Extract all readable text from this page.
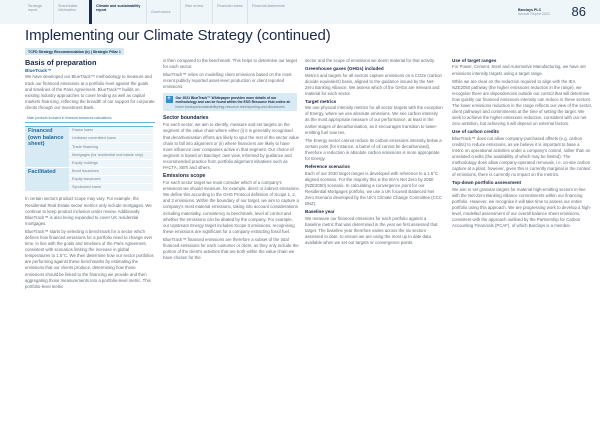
Strategic report
Shareholder information
Climate and sustainability report	Governance
Risk review	Financial review	Financial statements
Barclays PLC
Annual Report 2021 86
Implementing our Climate Strategy (continued)
TCFD Strategy Recommendation (b) | Strategic Pillar 1
Basis of preparation
BlueTrack™

We have developed our BlueTrack™ methodology to measure and track our financed emissions at a portfolio level against the goals and timelines of the Paris Agreement. BlueTrack™ builds on existing industry approaches to cover lending as well as capital markets financing, reflecting the breadth of our support for corporate clients through our Investment Bank.

Main products included in financed emissions calculations
Financed (own balance sheet)	Drawn loans
	Undrawn committed loans
	Trade financing
	Mortgages (for residential real estate only)
	Equity holdings
Facilitated	Bond issuances
	Equity issuances
	Syndicated loans

In certain sectors product scope may vary. For example, the Residential Real Estate sector metrics only include mortgages. We continue to keep product inclusion under review. Additionally BlueTrack™ is also being expanded to cover UK residential mortgages.

BlueTrack™ starts by selecting a benchmark for a sector which defines how financed emissions for a portfolio need to change over time, in line with the goals and timelines of the Paris Agreement, consistent with scenarios limiting the increase in global temperatures to 1.5°C. We then determine how our sector portfolios are performing against these benchmarks by estimating the emissions that our clients produce, determining how those emissions should be linked to the financing we provide and then aggregating those measurements into a portfolio-level metric. This portfolio-level metric

is then compared to the benchmark. This helps to determine our target for each sector.

BlueTrack™ relies on modelling client emissions based on the most recent publicly reported asset-level production or client reported emissions.

+	Our 2021 BlueTrack™ Whitepaper provides more details of our methodology and can be found within the ESG Resource Hub online at: home.barclays/sustainability/esg-resource-hub/reporting-and-disclosures
Sector boundaries

For each sector, we aim to identify, measure and set targets on the segment of the value chain where either (i) it is generally recognised that decarbonisation efforts are likely to spur the rest of the sector value chain to fall into alignment or (ii) where financiers are likely to have more influence over companies active in that segment. Our choice of segment is based on Barclays' own view, informed by guidance and recommended practice from portfolio alignment initiatives such as PACTA, SBTi and others.

Emissions scope

For each sector target we must consider which of a company's emissions we should measure, for example, direct or indirect emissions. We define this according to the GHG Protocol definition of Scope 1, 2, and 3 emissions. Within the boundary of our target, we aim to capture a company's most material emissions, taking into account considerations including materiality, consistency to benchmark, level of control and whether the emissions can be abated by the company. For example, our Upstream Energy target includes Scope 3 emissions, recognising these emissions are significant for a company extracting fossil fuel.

BlueTrack™ financed emissions are therefore a subset of the total financed emissions for each customer or client, as they only include the portion of the client's activities that are both within the value chain we have chosen for the

sector and the scope of emissions we deem material for that activity.

Greenhouse gases (GHGs) included

Metrics and targets for all sectors capture emissions on a CO2e (carbon dioxide equivalent) basis, aligned to the guidance issued by the Net-Zero Banking Alliance. We assess which of the GHGs are relevant and material for each sector.

Target metrics

We use physical intensity metrics for all sector targets with the exception of Energy, where we use absolute emissions. We see carbon intensity as the most appropriate measure of our performance, at least in the earlier stages of decarbonisation, as it encourages transition to lower-emitting fuel sources.

The Energy sector cannot reduce its carbon emissions intensity below a certain point (for instance, a barrel of oil cannot be decarbonised), therefore a reduction in absolute carbon emissions is more appropriate for Energy.

Reference scenarios

Each of our 2030 target ranges is developed with reference to a 1.5°C aligned scenario. For the majority this is the IEA's Net Zero by 2050 (NZE2050) scenario. In calculating a convergence point for our Residential Mortgages portfolio, we use a UK focused Balanced Net Zero Scenario developed by the UK's Climate Change Committee (CCC BNZ).

Baseline year

We measure our financed emissions for each portfolio against a baseline metric that was determined in the year we first assessed that target. The baseline year therefore varies across the six sectors assessed to date, to ensure we are using the most up to date data available when we set our targets or convergence points.

Use of target ranges

For Power, Cement, Steel and Automotive Manufacturing, we have set emissions intensity targets using a target range.

While we are clear on the reduction required to align with the IEA NZE2050 pathway (the higher emissions reduction in the range), we recognise there are dependencies outside our control that will determine how quickly our financed emissions intensity can reduce in these sectors. The lower emissions reduction in the range reflects our view of the sector, client pathways and commitments at the time of setting the target. We seek to achieve the higher emissions reduction, consistent with our net zero ambition, but achieving it will depend on external factors.

Use of carbon credits

BlueTrack™ does not allow company-purchased offsets (e.g. carbon credits) to reduce emissions, as we believe it is important to base a metric on operational activities under a company's control, rather than on unrelated credits (the availability of which may be limited). The methodology does allow company-operated removals, i.e. on-site carbon capture at a plant, however, given this is currently marginal in the context of emissions, there is currently no impact on the metrics.

Top-down portfolio assessment

We aim to set granular targets for material high-emitting sectors in-line with the Net-Zero Banking Alliance commitments within our financing portfolio. However, we recognise it will take time to assess our entire portfolio using this approach. We are progressing work to develop a high-level, modelled assessment of our overall balance sheet emissions, consistent with the approach outlined by the Partnership for Carbon Accounting Financials (PCAF), of which Barclays is a member.
